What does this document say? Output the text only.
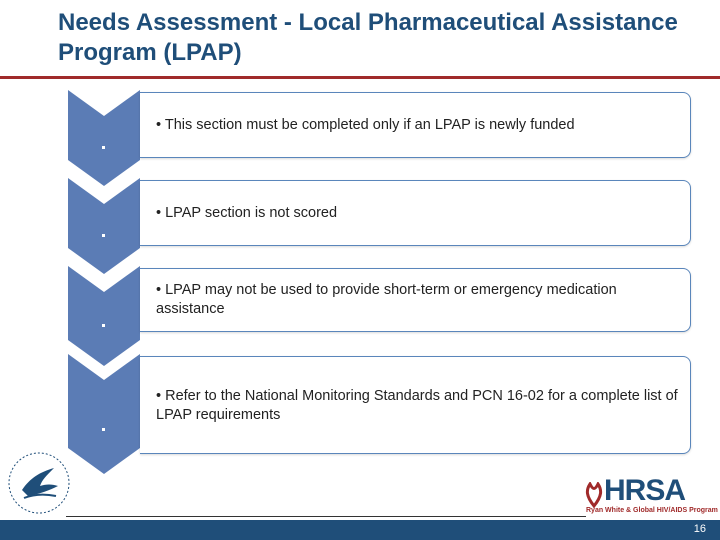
Needs Assessment - Local Pharmaceutical Assistance Program (LPAP)
• This section must be completed only if an LPAP is newly funded
• LPAP section is not scored
• LPAP may not be used to provide short-term or emergency medication assistance
• Refer to the National Monitoring Standards and PCN 16-02 for a complete list of LPAP requirements
HRSA
Ryan White & Global HIV/AIDS Program
16
